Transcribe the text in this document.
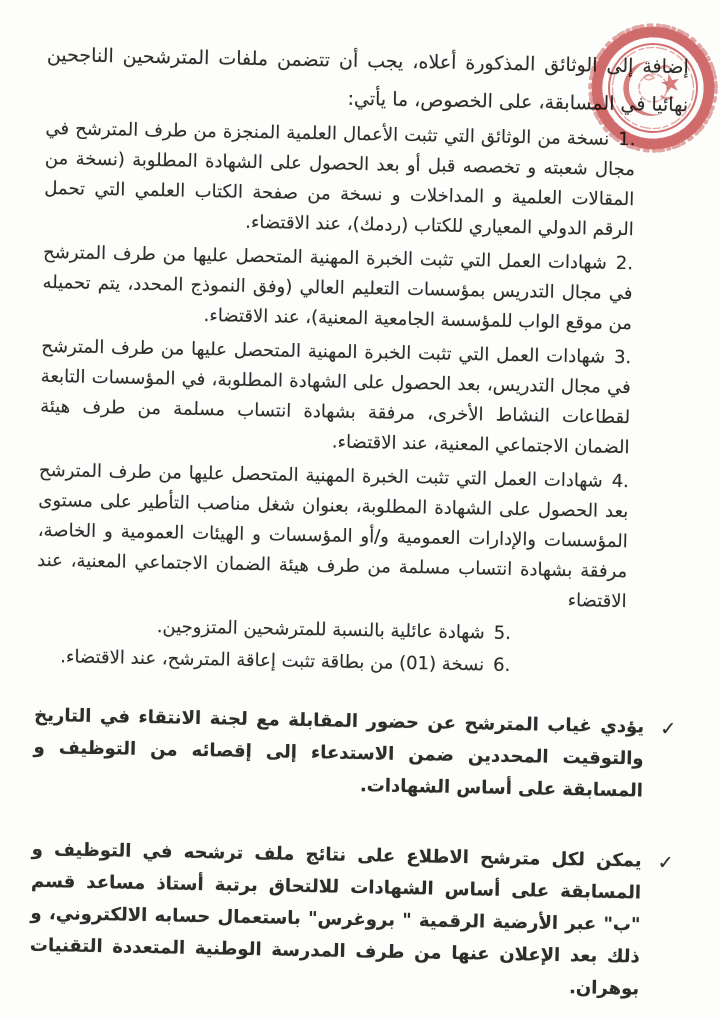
إضافة إلى الوثائق المذكورة أعلاه، يجب أن تتضمن ملفات المترشحين الناجحين نهائيا في المسابقة، على الخصوص، ما يأتي:

1.نسخة من الوثائق التي تثبت الأعمال العلمية المنجزة من طرف المترشح في مجال شعبته و تخصصه قبل أو بعد الحصول على الشهادة المطلوبة (نسخة من المقالات العلمية و المداخلات و نسخة من صفحة الكتاب العلمي التي تحمل الرقم الدولي المعياري للكتاب (ردمك)، عند الاقتضاء.
2.شهادات العمل التي تثبت الخبرة المهنية المتحصل عليها من طرف المترشح في مجال التدريس بمؤسسات التعليم العالي (وفق النموذج المحدد، يتم تحميله من موقع الواب للمؤسسة الجامعية المعنية)، عند الاقتضاء.
3.شهادات العمل التي تثبت الخبرة المهنية المتحصل عليها من طرف المترشح في مجال التدريس، بعد الحصول على الشهادة المطلوبة، في المؤسسات التابعة لقطاعات النشاط الأخرى، مرفقة بشهادة انتساب مسلمة من طرف هيئة الضمان الاجتماعي المعنية، عند الاقتضاء.
4.شهادات العمل التي تثبت الخبرة المهنية المتحصل عليها من طرف المترشح بعد الحصول على الشهادة المطلوبة، بعنوان شغل مناصب التأطير على مستوى المؤسسات والإدارات العمومية و/أو المؤسسات و الهيئات العمومية و الخاصة، مرفقة بشهادة انتساب مسلمة من طرف هيئة الضمان الاجتماعي المعنية، عند الاقتضاء
5.شهادة عائلية بالنسبة للمترشحين المتزوجين.
6.نسخة (01) من بطاقة تثبت إعاقة المترشح، عند الاقتضاء.
✓
يؤدي غياب المترشح عن حضور المقابلة مع لجنة الانتقاء في التاريخ والتوقيت المحددين ضمن الاستدعاء إلى إقصائه من التوظيف و المسابقة على أساس الشهادات.
✓
يمكن لكل مترشح الاطلاع على نتائج ملف ترشحه في التوظيف و المسابقة على أساس الشهادات للالتحاق برتبة أستاذ مساعد قسم "ب" عبر الأرضية الرقمية " بروغرس" باستعمال حسابه الالكتروني، و ذلك بعد الإعلان عنها من طرف المدرسة الوطنية المتعددة التقنيات بوهران.
